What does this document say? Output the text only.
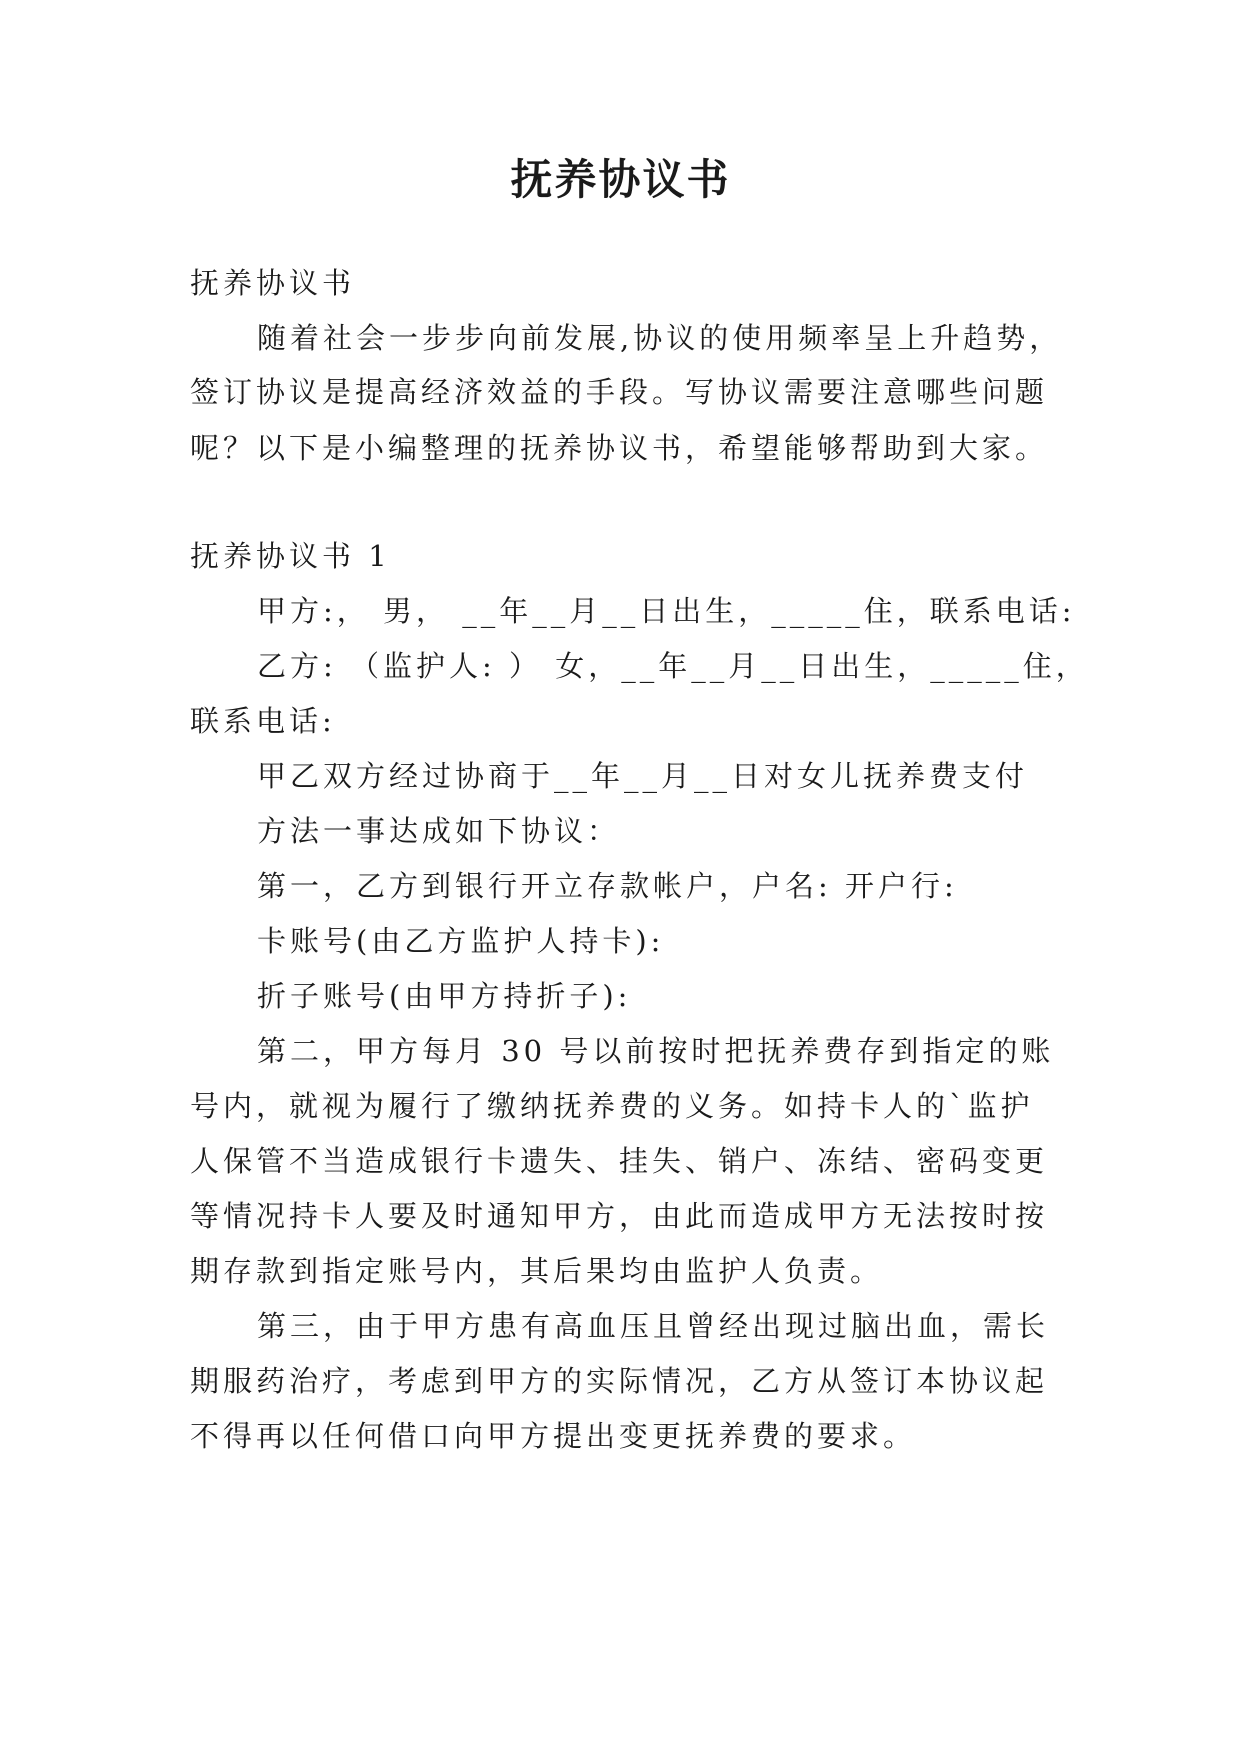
抚养协议书

抚养协议书

随着社会一步步向前发展,协议的使用频率呈上升趋势，

签订协议是提高经济效益的手段。写协议需要注意哪些问题

呢？以下是小编整理的抚养协议书，希望能够帮助到大家。

抚养协议书 1

甲方:， 男， __年__月__日出生，_____住，联系电话:

乙方: （监护人: ） 女，__年__月__日出生，_____住，

联系电话:

甲乙双方经过协商于__年__月__日对女儿抚养费支付

方法一事达成如下协议：

第一，乙方到银行开立存款帐户，户名: 开户行:

卡账号(由乙方监护人持卡):

折子账号(由甲方持折子):

第二，甲方每月 30 号以前按时把抚养费存到指定的账

号内，就视为履行了缴纳抚养费的义务。如持卡人的`监护

人保管不当造成银行卡遗失、挂失、销户、冻结、密码变更

等情况持卡人要及时通知甲方，由此而造成甲方无法按时按

期存款到指定账号内，其后果均由监护人负责。

第三，由于甲方患有高血压且曾经出现过脑出血，需长

期服药治疗，考虑到甲方的实际情况，乙方从签订本协议起

不得再以任何借口向甲方提出变更抚养费的要求。
